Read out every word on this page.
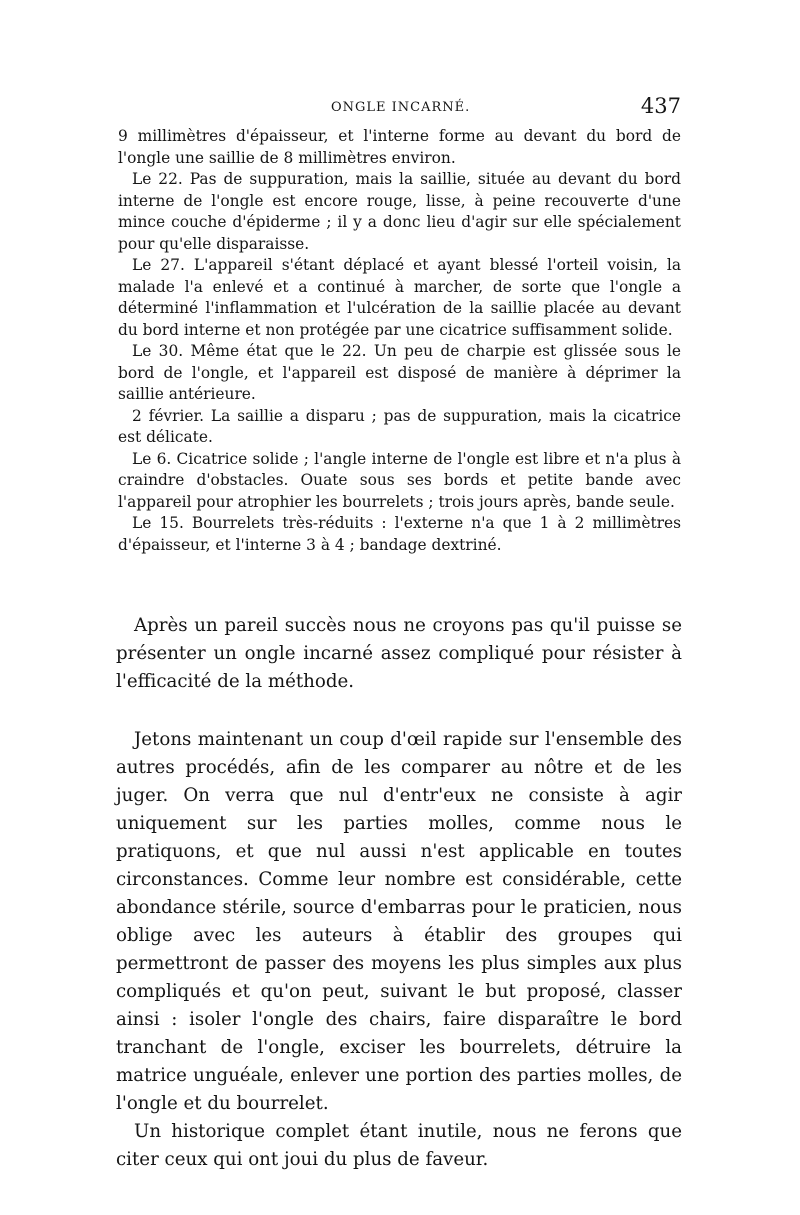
ONGLE INCARNÉ.	437

9 millimètres d'épaisseur, et l'interne forme au devant du bord de l'ongle une saillie de 8 millimètres environ.

Le 22. Pas de suppuration, mais la saillie, située au devant du bord interne de l'ongle est encore rouge, lisse, à peine recouverte d'une mince couche d'épiderme ; il y a donc lieu d'agir sur elle spécialement pour qu'elle disparaisse.

Le 27. L'appareil s'étant déplacé et ayant blessé l'orteil voisin, la malade l'a enlevé et a continué à marcher, de sorte que l'ongle a déterminé l'inflammation et l'ulcération de la saillie placée au devant du bord interne et non protégée par une cicatrice suffisamment solide.

Le 30. Même état que le 22. Un peu de charpie est glissée sous le bord de l'ongle, et l'appareil est disposé de manière à déprimer la saillie antérieure.

2 février. La saillie a disparu ; pas de suppuration, mais la cicatrice est délicate.

Le 6. Cicatrice solide ; l'angle interne de l'ongle est libre et n'a plus à craindre d'obstacles. Ouate sous ses bords et petite bande avec l'appareil pour atrophier les bourrelets ; trois jours après, bande seule.

Le 15. Bourrelets très-réduits : l'externe n'a que 1 à 2 millimètres d'épaisseur, et l'interne 3 à 4 ; bandage dextriné.

Après un pareil succès nous ne croyons pas qu'il puisse se présenter un ongle incarné assez compliqué pour résister à l'efficacité de la méthode.

Jetons maintenant un coup d'œil rapide sur l'ensemble des autres procédés, afin de les comparer au nôtre et de les juger. On verra que nul d'entr'eux ne consiste à agir uniquement sur les parties molles, comme nous le pratiquons, et que nul aussi n'est applicable en toutes circonstances. Comme leur nombre est considérable, cette abondance stérile, source d'embarras pour le praticien, nous oblige avec les auteurs à établir des groupes qui permettront de passer des moyens les plus simples aux plus compliqués et qu'on peut, suivant le but proposé, classer ainsi : isoler l'ongle des chairs, faire disparaître le bord tranchant de l'ongle, exciser les bourrelets, détruire la matrice unguéale, enlever une portion des parties molles, de l'ongle et du bourrelet.

Un historique complet étant inutile, nous ne ferons que citer ceux qui ont joui du plus de faveur.
